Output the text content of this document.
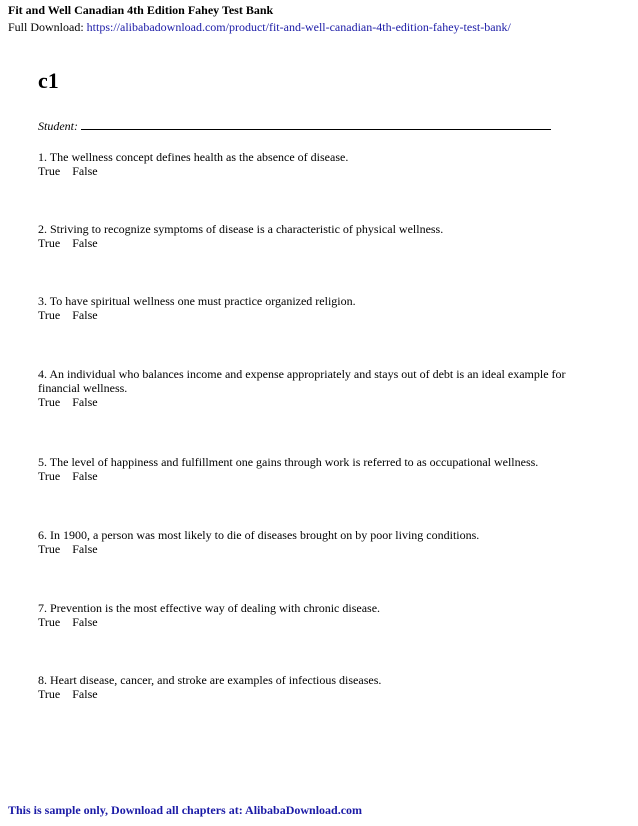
Fit and Well Canadian 4th Edition Fahey Test Bank
Full Download: https://alibabadownload.com/product/fit-and-well-canadian-4th-edition-fahey-test-bank/
c1
Student:
1. The wellness concept defines health as the absence of disease.
True False
2. Striving to recognize symptoms of disease is a characteristic of physical wellness.
True False
3. To have spiritual wellness one must practice organized religion.
True False
4. An individual who balances income and expense appropriately and stays out of debt is an ideal example for financial wellness.
True False
5. The level of happiness and fulfillment one gains through work is referred to as occupational wellness.
True False
6. In 1900, a person was most likely to die of diseases brought on by poor living conditions.
True False
7. Prevention is the most effective way of dealing with chronic disease.
True False
8. Heart disease, cancer, and stroke are examples of infectious diseases.
True False
This is sample only, Download all chapters at: AlibabaDownload.com
